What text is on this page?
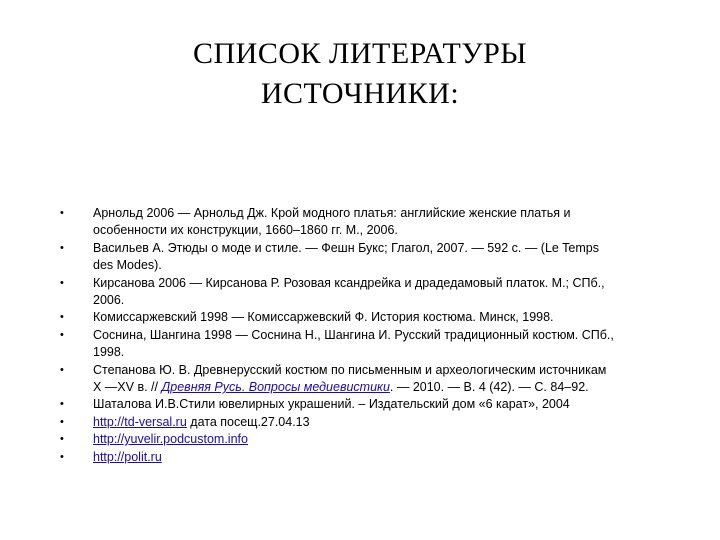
СПИСОК ЛИТЕРАТУРЫ
ИСТОЧНИКИ:
• Арнольд 2006 — Арнольд Дж. Крой модного платья: английские женские платья и особенности их конструкции, 1660–1860 гг. М., 2006.
• Васильев А. Этюды о моде и стиле. — Фешн Букс; Глагол, 2007. — 592 с. — (Le Temps des Modes).
• Кирсанова 2006 — Кирсанова Р. Розовая ксандрейка и драдедамовый платок. М.; СПб., 2006.
• Комиссаржевский 1998 — Комиссаржевский Ф. История костюма. Минск, 1998.
• Соснина, Шангина 1998 — Соснина Н., Шангина И. Русский традиционный костюм. СПб., 1998.
• Степанова Ю. В. Древнерусский костюм по письменным и археологическим источникам X —XV в. // Древняя Русь. Вопросы медиевистики. — 2010. — В. 4 (42). — С. 84–92.
• Шаталова И.В.Стили ювелирных украшений. – Издательский дом «6 карат», 2004
• http://td-versal.ru дата посещ.27.04.13
• http://yuvelir.podcustom.info
• http://polit.ru
